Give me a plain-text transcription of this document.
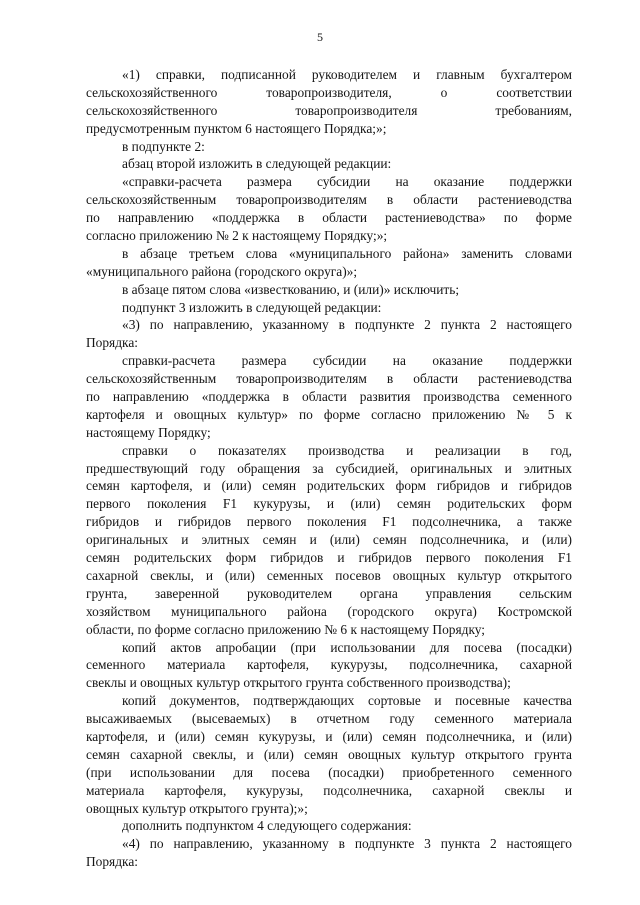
5
«1) справки, подписанной руководителем и главным бухгалтером
сельскохозяйственного товаропроизводителя, о соответствии
сельскохозяйственного товаропроизводителя требованиям,
предусмотренным пунктом 6 настоящего Порядка;»;
в подпункте 2:
абзац второй изложить в следующей редакции:
«справки-расчета размера субсидии на оказание поддержки
сельскохозяйственным товаропроизводителям в области растениеводства
по направлению «поддержка в области растениеводства» по форме
согласно приложению № 2 к настоящему Порядку;»;
в абзаце третьем слова «муниципального района» заменить словами
«муниципального района (городского округа)»;
в абзаце пятом слова «известкованию, и (или)» исключить;
подпункт 3 изложить в следующей редакции:
«3) по направлению, указанному в подпункте 2 пункта 2 настоящего
Порядка:
справки-расчета размера субсидии на оказание поддержки
сельскохозяйственным товаропроизводителям в области растениеводства
по направлению «поддержка в области развития производства семенного
картофеля и овощных культур» по форме согласно приложению № 5 к
настоящему Порядку;
справки о показателях производства и реализации в год,
предшествующий году обращения за субсидией, оригинальных и элитных
семян картофеля, и (или) семян родительских форм гибридов и гибридов
первого поколения F1 кукурузы, и (или) семян родительских форм
гибридов и гибридов первого поколения F1 подсолнечника, а также
оригинальных и элитных семян и (или) семян подсолнечника, и (или)
семян родительских форм гибридов и гибридов первого поколения F1
сахарной свеклы, и (или) семенных посевов овощных культур открытого
грунта, заверенной руководителем органа управления сельским
хозяйством муниципального района (городского округа) Костромской
области, по форме согласно приложению № 6 к настоящему Порядку;
копий актов апробации (при использовании для посева (посадки)
семенного материала картофеля, кукурузы, подсолнечника, сахарной
свеклы и овощных культур открытого грунта собственного производства);
копий документов, подтверждающих сортовые и посевные качества
высаживаемых (высеваемых) в отчетном году семенного материала
картофеля, и (или) семян кукурузы, и (или) семян подсолнечника, и (или)
семян сахарной свеклы, и (или) семян овощных культур открытого грунта
(при использовании для посева (посадки) приобретенного семенного
материала картофеля, кукурузы, подсолнечника, сахарной свеклы и
овощных культур открытого грунта);»;
дополнить подпунктом 4 следующего содержания:
«4) по направлению, указанному в подпункте 3 пункта 2 настоящего
Порядка:
